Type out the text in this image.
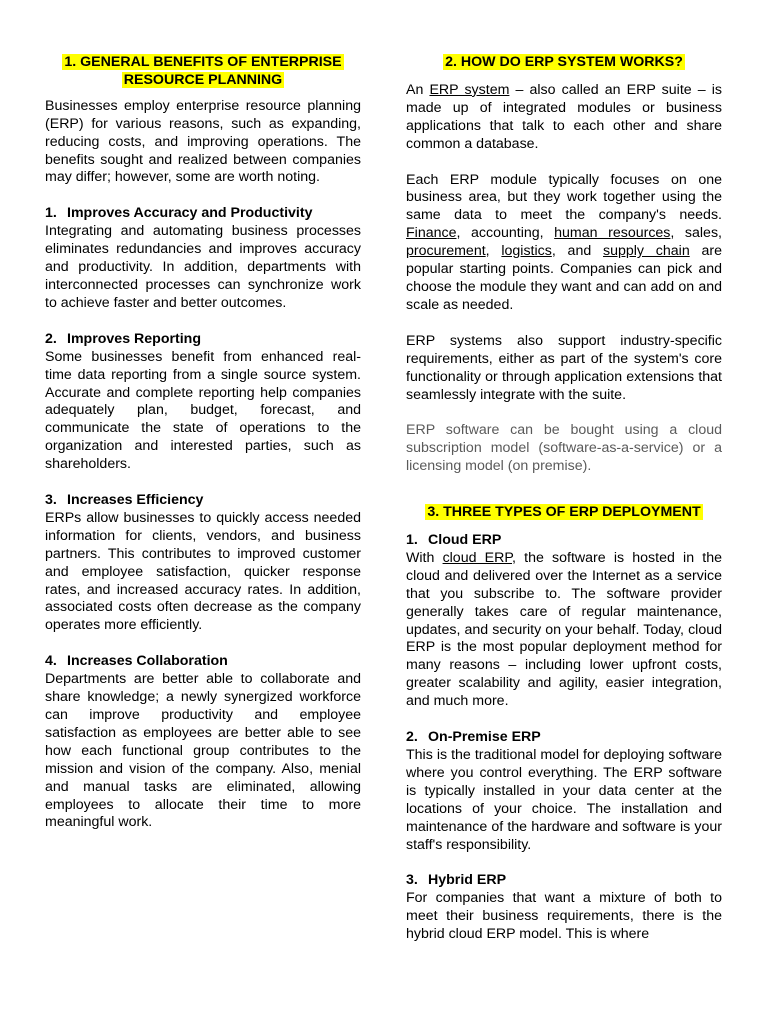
1. GENERAL BENEFITS OF ENTERPRISE
RESOURCE PLANNING

Businesses employ enterprise resource planning (ERP) for various reasons, such as expanding, reducing costs, and improving operations. The benefits sought and realized between companies may differ; however, some are worth noting.

1. Improves Accuracy and Productivity

Integrating and automating business processes eliminates redundancies and improves accuracy and productivity. In addition, departments with interconnected processes can synchronize work to achieve faster and better outcomes.

2. Improves Reporting

Some businesses benefit from enhanced real-time data reporting from a single source system. Accurate and complete reporting help companies adequately plan, budget, forecast, and communicate the state of operations to the organization and interested parties, such as shareholders.

3. Increases Efficiency

ERPs allow businesses to quickly access needed information for clients, vendors, and business partners. This contributes to improved customer and employee satisfaction, quicker response rates, and increased accuracy rates. In addition, associated costs often decrease as the company operates more efficiently.

4. Increases Collaboration

Departments are better able to collaborate and share knowledge; a newly synergized workforce can improve productivity and employee satisfaction as employees are better able to see how each functional group contributes to the mission and vision of the company. Also, menial and manual tasks are eliminated, allowing employees to allocate their time to more meaningful work.

2. HOW DO ERP SYSTEM WORKS?

An ERP system – also called an ERP suite – is made up of integrated modules or business applications that talk to each other and share common a database.

Each ERP module typically focuses on one business area, but they work together using the same data to meet the company's needs. Finance, accounting, human resources, sales, procurement, logistics, and supply chain are popular starting points. Companies can pick and choose the module they want and can add on and scale as needed.

ERP systems also support industry-specific requirements, either as part of the system's core functionality or through application extensions that seamlessly integrate with the suite.

ERP software can be bought using a cloud subscription model (software-as-a-service) or a licensing model (on premise).

3. THREE TYPES OF ERP DEPLOYMENT
1. Cloud ERP

With cloud ERP, the software is hosted in the cloud and delivered over the Internet as a service that you subscribe to. The software provider generally takes care of regular maintenance, updates, and security on your behalf. Today, cloud ERP is the most popular deployment method for many reasons – including lower upfront costs, greater scalability and agility, easier integration, and much more.

2. On-Premise ERP

This is the traditional model for deploying software where you control everything. The ERP software is typically installed in your data center at the locations of your choice. The installation and maintenance of the hardware and software is your staff's responsibility.

3. Hybrid ERP

For companies that want a mixture of both to meet their business requirements, there is the hybrid cloud ERP model. This is where
